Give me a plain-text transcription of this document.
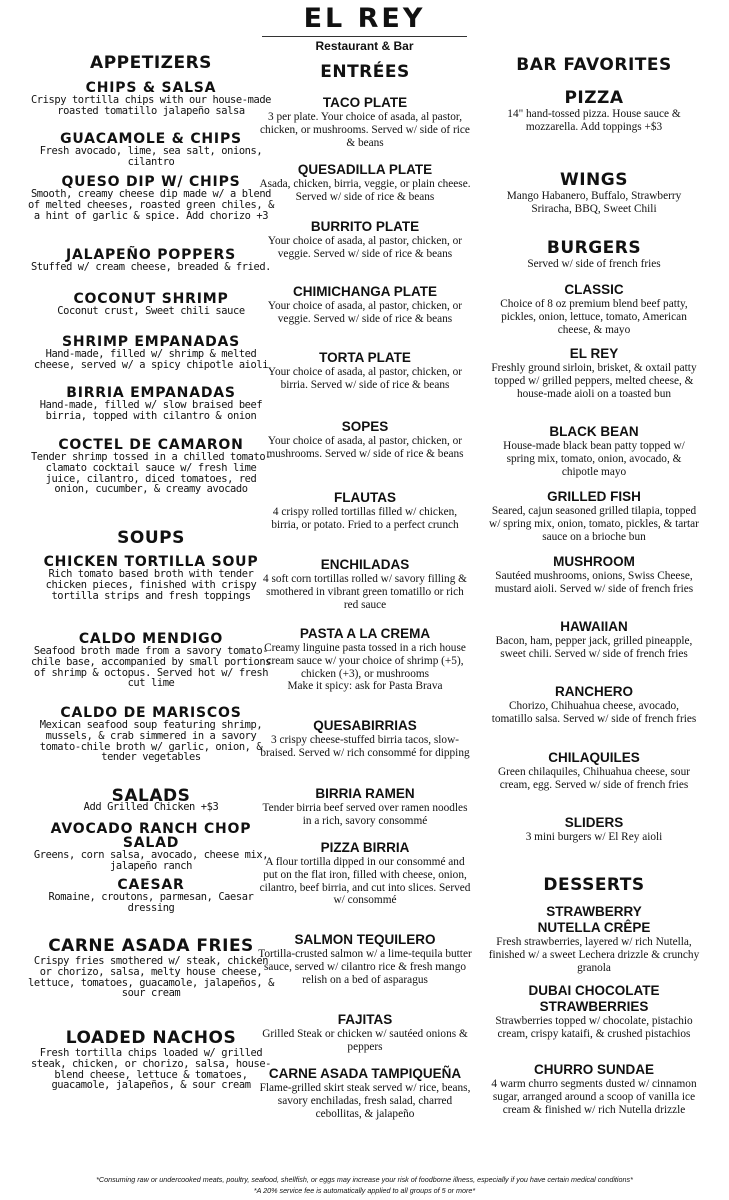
EL REY
Restaurant & Bar
APPETIZERS
CHIPS & SALSA
Crispy tortilla chips with our house-made roasted tomatillo jalapeño salsa
GUACAMOLE & CHIPS
Fresh avocado, lime, sea salt, onions, cilantro
QUESO DIP W/ CHIPS
Smooth, creamy cheese dip made w/ a blend of melted cheeses, roasted green chiles, & a hint of garlic & spice. Add chorizo +3
JALAPEÑO POPPERS
Stuffed w/ cream cheese, breaded & fried.
COCONUT SHRIMP
Coconut crust, Sweet chili sauce
SHRIMP EMPANADAS
Hand-made, filled w/ shrimp & melted cheese, served w/ a spicy chipotle aioli
BIRRIA EMPANADAS
Hand-made, filled w/ slow braised beef birria, topped with cilantro & onion
COCTEL DE CAMARON
Tender shrimp tossed in a chilled tomato-clamato cocktail sauce w/ fresh lime juice, cilantro, diced tomatoes, red onion, cucumber, & creamy avocado
SOUPS
CHICKEN TORTILLA SOUP
Rich tomato based broth with tender chicken pieces, finished with crispy tortilla strips and fresh toppings
CALDO MENDIGO
Seafood broth made from a savory tomato-chile base, accompanied by small portions of shrimp & octopus. Served hot w/ fresh cut lime
CALDO DE MARISCOS
Mexican seafood soup featuring shrimp, mussels, & crab simmered in a savory tomato-chile broth w/ garlic, onion, & tender vegetables
SALADS
Add Grilled Chicken +$3
AVOCADO RANCH CHOP SALAD
Greens, corn salsa, avocado, cheese mix, jalapeño ranch
CAESAR
Romaine, croutons, parmesan, Caesar dressing
CARNE ASADA FRIES
Crispy fries smothered w/ steak, chicken or chorizo, salsa, melty house cheese, lettuce, tomatoes, guacamole, jalapeños, & sour cream
LOADED NACHOS
Fresh tortilla chips loaded w/ grilled steak, chicken, or chorizo, salsa, house-blend cheese, lettuce & tomatoes, guacamole, jalapeños, & sour cream
ENTRÉES
TACO PLATE
3 per plate. Your choice of asada, al pastor, chicken, or mushrooms. Served w/ side of rice & beans
QUESADILLA PLATE
Asada, chicken, birria, veggie, or plain cheese. Served w/ side of rice & beans
BURRITO PLATE
Your choice of asada, al pastor, chicken, or veggie. Served w/ side of rice & beans
CHIMICHANGA PLATE
Your choice of asada, al pastor, chicken, or veggie. Served w/ side of rice & beans
TORTA PLATE
Your choice of asada, al pastor, chicken, or birria. Served w/ side of rice & beans
SOPES
Your choice of asada, al pastor, chicken, or mushrooms. Served w/ side of rice & beans
FLAUTAS
4 crispy rolled tortillas filled w/ chicken, birria, or potato. Fried to a perfect crunch
ENCHILADAS
4 soft corn tortillas rolled w/ savory filling & smothered in vibrant green tomatillo or rich red sauce
PASTA A LA CREMA
Creamy linguine pasta tossed in a rich house cream sauce w/ your choice of shrimp (+5), chicken (+3), or mushrooms
Make it spicy: ask for Pasta Brava
QUESABIRRIAS
3 crispy cheese-stuffed birria tacos, slow-braised. Served w/ rich consommé for dipping
BIRRIA RAMEN
Tender birria beef served over ramen noodles in a rich, savory consommé
PIZZA BIRRIA
A flour tortilla dipped in our consommé and put on the flat iron, filled with cheese, onion, cilantro, beef birria, and cut into slices. Served w/ consommé
SALMON TEQUILERO
Tortilla-crusted salmon w/ a lime-tequila butter sauce, served w/ cilantro rice & fresh mango relish on a bed of asparagus
FAJITAS
Grilled Steak or chicken w/ sautéed onions & peppers
CARNE ASADA TAMPIQUEÑA
Flame-grilled skirt steak served w/ rice, beans, savory enchiladas, fresh salad, charred cebollitas, & jalapeño
BAR FAVORITES
PIZZA
14" hand-tossed pizza. House sauce & mozzarella. Add toppings +$3
WINGS
Mango Habanero, Buffalo, Strawberry Sriracha, BBQ, Sweet Chili
BURGERS
Served w/ side of french fries
CLASSIC
Choice of 8 oz premium blend beef patty, pickles, onion, lettuce, tomato, American cheese, & mayo
EL REY
Freshly ground sirloin, brisket, & oxtail patty topped w/ grilled peppers, melted cheese, & house-made aioli on a toasted bun
BLACK BEAN
House-made black bean patty topped w/ spring mix, tomato, onion, avocado, & chipotle mayo
GRILLED FISH
Seared, cajun seasoned grilled tilapia, topped w/ spring mix, onion, tomato, pickles, & tartar sauce on a brioche bun
MUSHROOM
Sautéed mushrooms, onions, Swiss Cheese, mustard aioli. Served w/ side of french fries
HAWAIIAN
Bacon, ham, pepper jack, grilled pineapple, sweet chili. Served w/ side of french fries
RANCHERO
Chorizo, Chihuahua cheese, avocado, tomatillo salsa. Served w/ side of french fries
CHILAQUILES
Green chilaquiles, Chihuahua cheese, sour cream, egg. Served w/ side of french fries
SLIDERS
3 mini burgers w/ El Rey aioli
DESSERTS
STRAWBERRY NUTELLA CRÊPE
Fresh strawberries, layered w/ rich Nutella, finished w/ a sweet Lechera drizzle & crunchy granola
DUBAI CHOCOLATE STRAWBERRIES
Strawberries topped w/ chocolate, pistachio cream, crispy kataifi, & crushed pistachios
CHURRO SUNDAE
4 warm churro segments dusted w/ cinnamon sugar, arranged around a scoop of vanilla ice cream & finished w/ rich Nutella drizzle
*Consuming raw or undercooked meats, poultry, seafood, shellfish, or eggs may increase your risk of foodborne illness, especially if you have certain medical conditions*
*A 20% service fee is automatically applied to all groups of 5 or more*
